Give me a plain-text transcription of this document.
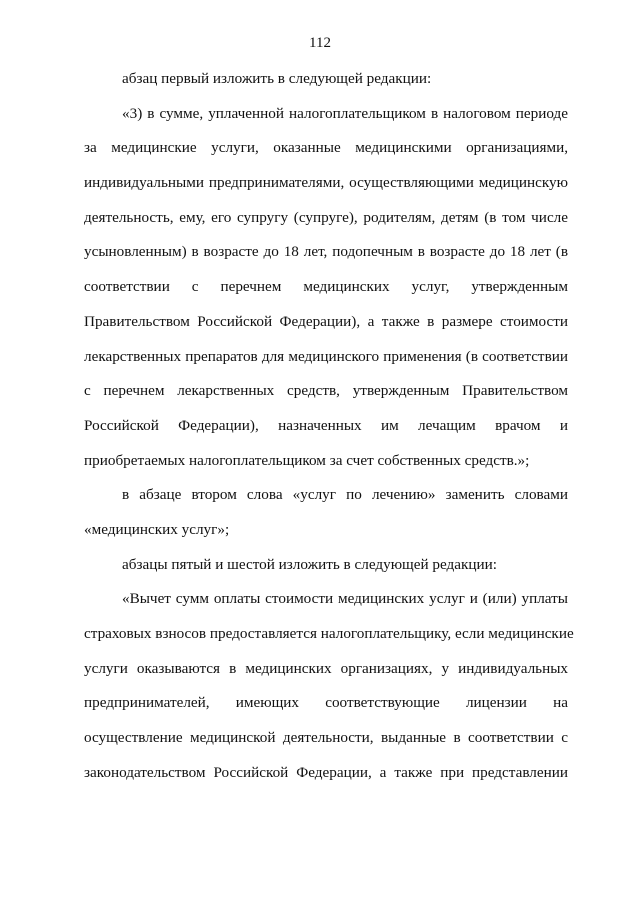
112
абзац первый изложить в следующей редакции:
«3) в сумме, уплаченной налогоплательщиком в налоговом периоде
за медицинские услуги, оказанные медицинскими организациями,
индивидуальными предпринимателями, осуществляющими медицинскую
деятельность, ему, его супругу (супруге), родителям, детям (в том числе
усыновленным) в возрасте до 18 лет, подопечным в возрасте до 18 лет (в
соответствии с перечнем медицинских услуг, утвержденным
Правительством Российской Федерации), а также в размере стоимости
лекарственных препаратов для медицинского применения (в соответствии
с перечнем лекарственных средств, утвержденным Правительством
Российской Федерации), назначенных им лечащим врачом и
приобретаемых налогоплательщиком за счет собственных средств.»;
в абзаце втором слова «услуг по лечению» заменить словами
«медицинских услуг»;
абзацы пятый и шестой изложить в следующей редакции:
«Вычет сумм оплаты стоимости медицинских услуг и (или) уплаты
страховых взносов предоставляется налогоплательщику, если медицинские
услуги оказываются в медицинских организациях, у индивидуальных
предпринимателей, имеющих соответствующие лицензии на
осуществление медицинской деятельности, выданные в соответствии с
законодательством Российской Федерации, а также при представлении
